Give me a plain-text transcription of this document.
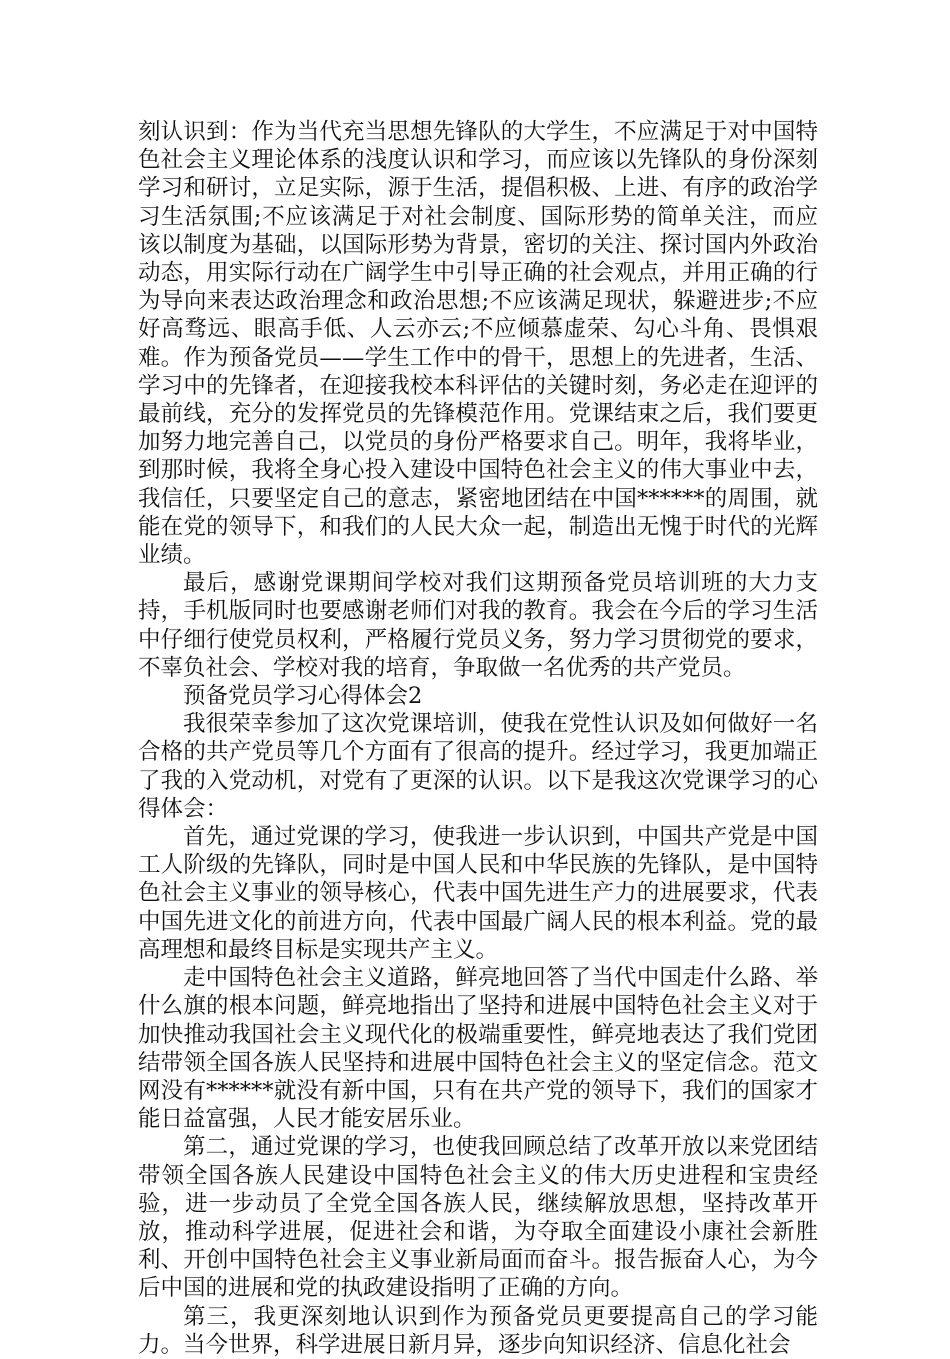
刻认识到：作为当代充当思想先锋队的大学生，不应满足于对中国特色社会主义理论体系的浅度认识和学习，而应该以先锋队的身份深刻学习和研讨，立足实际，源于生活，提倡积极、上进、有序的政治学习生活氛围;不应该满足于对社会制度、国际形势的简单关注，而应该以制度为基础，以国际形势为背景，密切的关注、探讨国内外政治动态，用实际行动在广阔学生中引导正确的社会观点，并用正确的行为导向来表达政治理念和政治思想;不应该满足现状，躲避进步;不应好高骛远、眼高手低、人云亦云;不应倾慕虚荣、勾心斗角、畏惧艰难。作为预备党员——学生工作中的骨干，思想上的先进者，生活、学习中的先锋者，在迎接我校本科评估的关键时刻，务必走在迎评的最前线，充分的发挥党员的先锋模范作用。党课结束之后，我们要更加努力地完善自己，以党员的身份严格要求自己。明年，我将毕业，到那时候，我将全身心投入建设中国特色社会主义的伟大事业中去，我信任，只要坚定自己的意志，紧密地团结在中国******的周围，就能在党的领导下，和我们的人民大众一起，制造出无愧于时代的光辉业绩。

最后，感谢党课期间学校对我们这期预备党员培训班的大力支持，手机版同时也要感谢老师们对我的教育。我会在今后的学习生活中仔细行使党员权利，严格履行党员义务，努力学习贯彻党的要求，不辜负社会、学校对我的培育，争取做一名优秀的共产党员。

预备党员学习心得体会2

我很荣幸参加了这次党课培训，使我在党性认识及如何做好一名合格的共产党员等几个方面有了很高的提升。经过学习，我更加端正了我的入党动机，对党有了更深的认识。以下是我这次党课学习的心得体会：

首先，通过党课的学习，使我进一步认识到，中国共产党是中国工人阶级的先锋队，同时是中国人民和中华民族的先锋队，是中国特色社会主义事业的领导核心，代表中国先进生产力的进展要求，代表中国先进文化的前进方向，代表中国最广阔人民的根本利益。党的最高理想和最终目标是实现共产主义。

走中国特色社会主义道路，鲜亮地回答了当代中国走什么路、举什么旗的根本问题，鲜亮地指出了坚持和进展中国特色社会主义对于加快推动我国社会主义现代化的极端重要性，鲜亮地表达了我们党团结带领全国各族人民坚持和进展中国特色社会主义的坚定信念。范文网没有******就没有新中国，只有在共产党的领导下，我们的国家才能日益富强，人民才能安居乐业。

第二，通过党课的学习，也使我回顾总结了改革开放以来党团结带领全国各族人民建设中国特色社会主义的伟大历史进程和宝贵经验，进一步动员了全党全国各族人民，继续解放思想，坚持改革开放，推动科学进展，促进社会和谐，为夺取全面建设小康社会新胜利、开创中国特色社会主义事业新局面而奋斗。报告振奋人心，为今后中国的进展和党的执政建设指明了正确的方向。

第三，我更深刻地认识到作为预备党员更要提高自己的学习能力。当今世界，科学进展日新月异，逐步向知识经济、信息化社会
